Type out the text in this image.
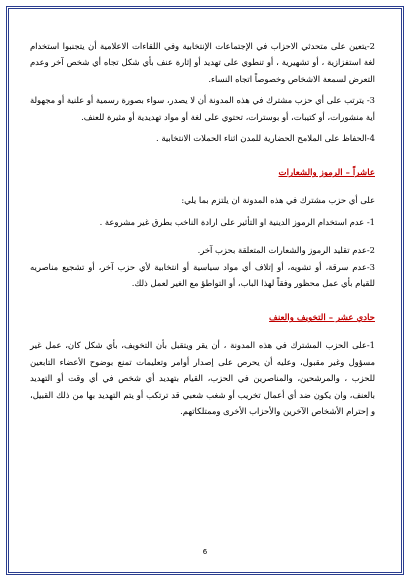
2-يتعين على متحدثي الاحزاب في الإجتماعات الإنتخابية وفي اللقاءات الاعلامية أن يتجنبوا استخدام لغة استفزازية ، أو تشهيرية ، أو تنطوي على تهديد أو إثارة عنف بأي شكل تجاه أي شخص آخر وعدم التعرض لسمعة الاشخاص وخصوصاً اتجاه النساء.

3- يترتب على أي حزب مشترك في هذه المدونة أن لا يصدر، سواء بصورة رسمية أو علنية أو مجهولة أية منشورات، أو كتيبات، أو بوسترات، تحتوي على لغة أو مواد تهديدية أو مثيرة للعنف.

4-الحفاظ على الملامح الحضارية للمدن اثناء الحملات الانتخابية .

عاشراً – الرموز والشعارات

على أي حزب مشترك في هذه المدونة ان يلتزم بما يلي:

1- عدم استخدام الرموز الدينية او التأثير على ارادة الناخب بطرق غير مشروعة .

2-عدم تقليد الرموز والشعارات المتعلقة بحزب آخر.

3-عدم سرقة، أو تشويه، أو إتلاف أي مواد سياسية أو انتخابية لأي حزب آخر، أو تشجيع مناصريه للقيام بأي عمل محظور وفقاً لهذا الباب، أو التواطؤ مع الغير لعمل ذلك.

حادي عشر – التخويف والعنف

1-على الحزب المشترك في هذه المدونة ، أن يقر ويتقبل بأن التخويف، بأي شكل كان، عمل غير مسؤول وغير مقبول، وعليه أن يحرص على إصدار أوامر وتعليمات تمنع بوضوح الأعضاء التابعين للحزب ، والمرشحين، والمناصرين في الحزب، القيام بتهديد أي شخص في أي وقت أو التهديد بالعنف، وان يكون ضد أي أعمال تخريب أو شغب شعبي قد ترتكب أو يتم التهديد بها من ذلك القبيل، و إحترام الأشخاص الآخرين والأحزاب الأخرى وممتلكاتهم.

6
